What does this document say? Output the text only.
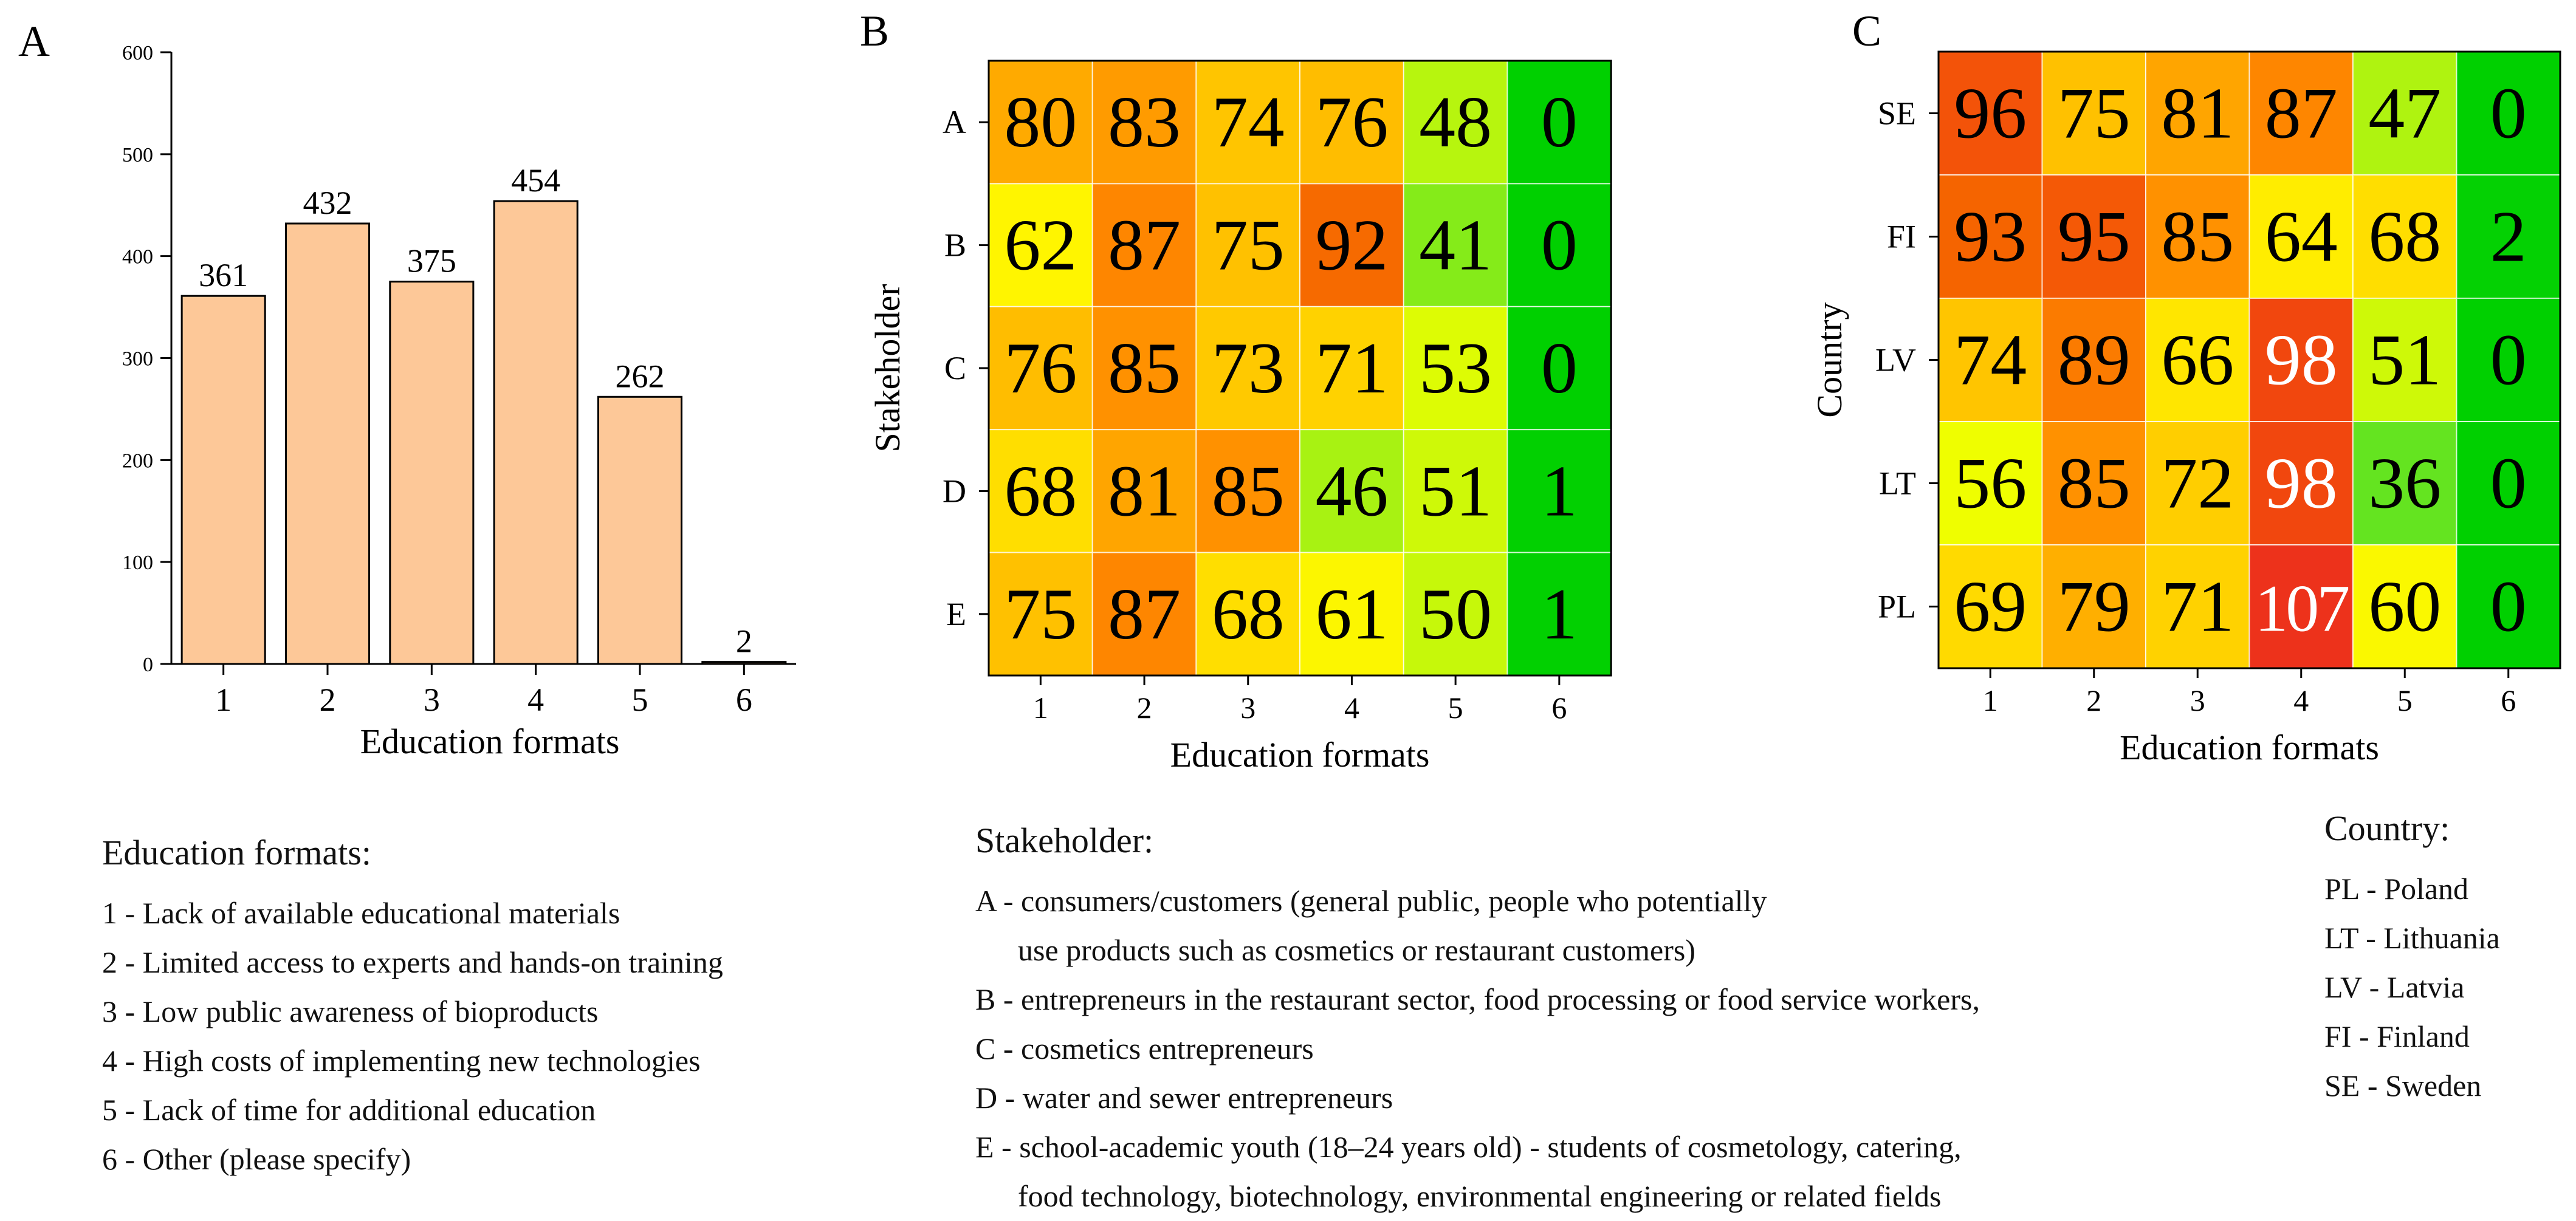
A
0
100
200
300
400
500
600
361
1
432
2
375
3
454
4
262
5
2
6
Education formats
B
80 83 74 76 48 0
62 87 75 92 41 0
76 85 73 71 53 0
68 81 85 46 51 1
75 87 68 61 50 1
1	2	3	4	5	6
A
B
C
D
E
Education formats
Stakeholder
C
96 75 81 87 47 0
93 95 85 64 68 2
74 89 66 98 51 0
56 85 72 98 36 0
69 79 71 107 60 0
1	2	3	4	5	6
SE
FI
LV
LT
PL
Education formats
Country
Education formats:
1 - Lack of available educational materials
2 - Limited access to experts and hands-on training
3 - Low public awareness of bioproducts
4 - High costs of implementing new technologies
5 - Lack of time for additional education
6 - Other (please specify)
Stakeholder:
A - consumers/customers (general public, people who potentially
use products such as cosmetics or restaurant customers)
B - entrepreneurs in the restaurant sector, food processing or food service workers,
C - cosmetics entrepreneurs
D - water and sewer entrepreneurs
E - school-academic youth (18–24 years old) - students of cosmetology, catering,
food technology, biotechnology, environmental engineering or related fields
Country:
PL - Poland
LT - Lithuania
LV - Latvia
FI - Finland
SE - Sweden
